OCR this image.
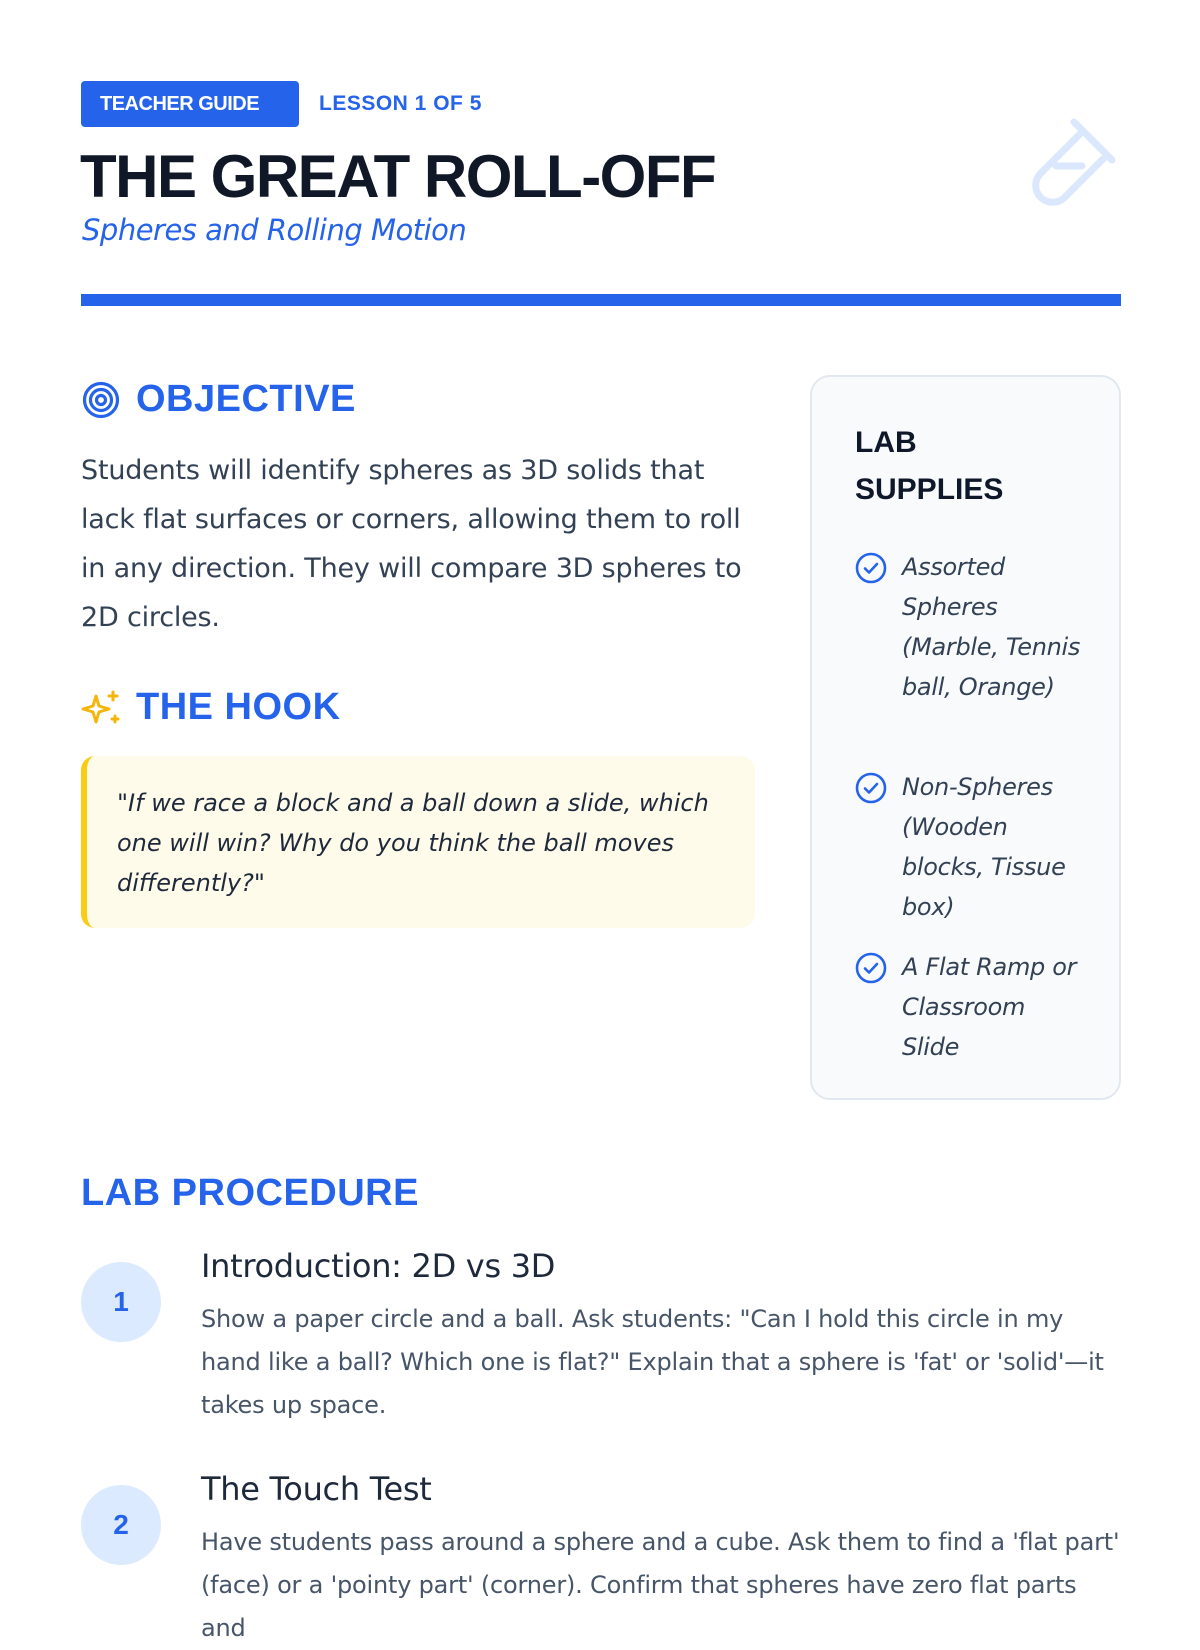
TEACHER GUIDE	LESSON 1 OF 5
THE GREAT ROLL-OFF
Spheres and Rolling Motion
OBJECTIVE

Students will identify spheres as 3D solids that lack flat surfaces or corners, allowing them to roll in any direction. They will compare 3D spheres to 2D circles.

THE HOOK

"If we race a block and a ball down a slide, which one will win? Why do you think the ball moves differently?"

LAB SUPPLIES
Assorted Spheres (Marble, Tennis ball, Orange)
Non-Spheres (Wooden blocks, Tissue box)
A Flat Ramp or Classroom Slide
LAB PROCEDURE
1
Introduction: 2D vs 3D

Show a paper circle and a ball. Ask students: "Can I hold this circle in my hand like a ball? Which one is flat?" Explain that a sphere is 'fat' or 'solid'—it takes up space.

2
The Touch Test

Have students pass around a sphere and a cube. Ask them to find a 'flat part' (face) or a 'pointy part' (corner). Confirm that spheres have zero flat parts and
